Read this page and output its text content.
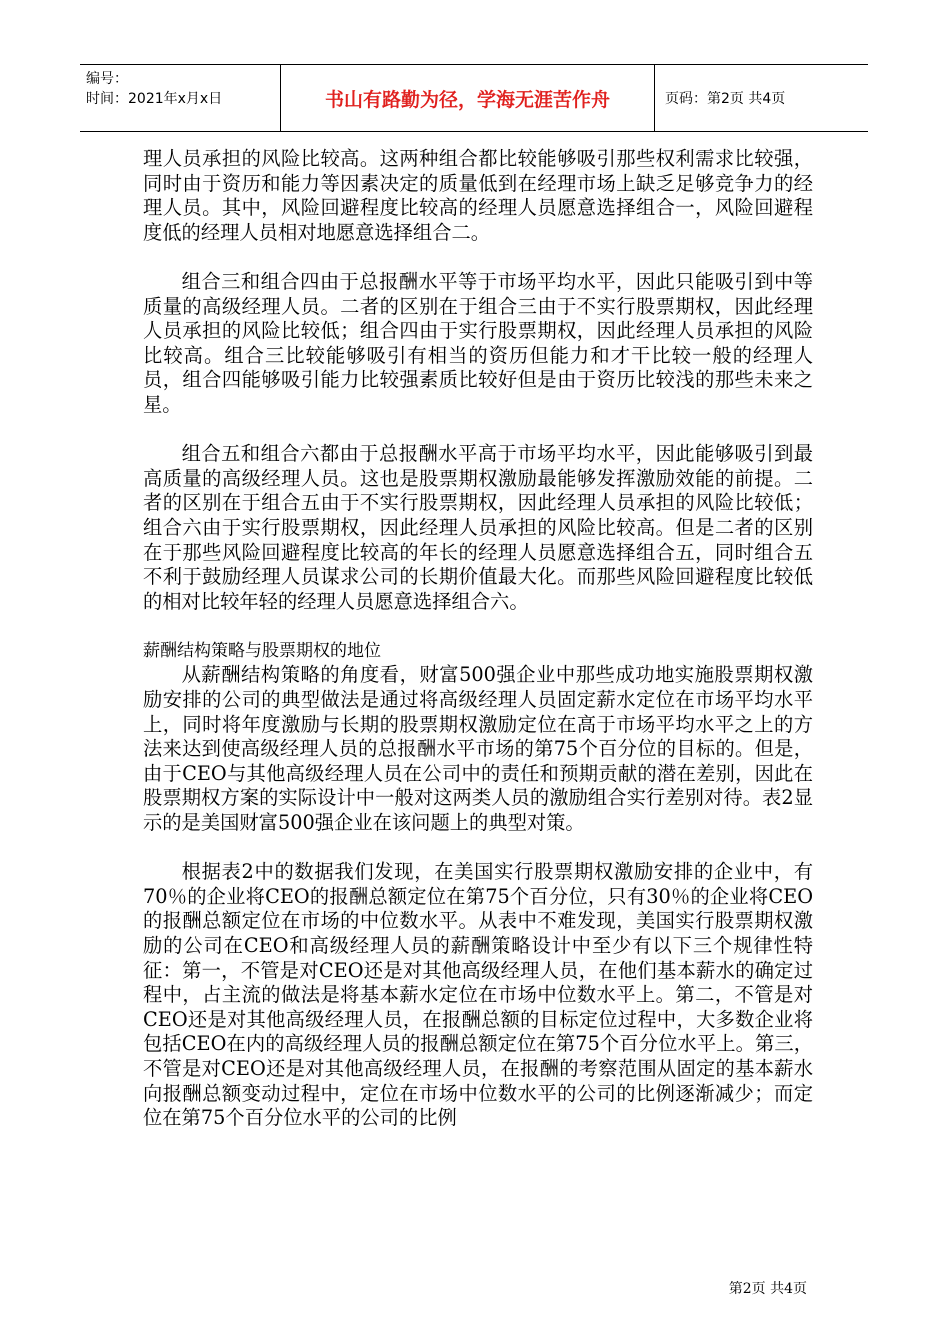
编号：
时间：2021年x月x日	书山有路勤为径，学海无涯苦作舟	页码：第2页 共4页

理人员承担的风险比较高。这两种组合都比较能够吸引那些权利需求比较强，同时由于资历和能力等因素决定的质量低到在经理市场上缺乏足够竞争力的经理人员。其中，风险回避程度比较高的经理人员愿意选择组合一，风险回避程度低的经理人员相对地愿意选择组合二。

组合三和组合四由于总报酬水平等于市场平均水平，因此只能吸引到中等质量的高级经理人员。二者的区别在于组合三由于不实行股票期权，因此经理人员承担的风险比较低；组合四由于实行股票期权，因此经理人员承担的风险比较高。组合三比较能够吸引有相当的资历但能力和才干比较一般的经理人员，组合四能够吸引能力比较强素质比较好但是由于资历比较浅的那些未来之星。

组合五和组合六都由于总报酬水平高于市场平均水平，因此能够吸引到最高质量的高级经理人员。这也是股票期权激励最能够发挥激励效能的前提。二者的区别在于组合五由于不实行股票期权，因此经理人员承担的风险比较低；组合六由于实行股票期权，因此经理人员承担的风险比较高。但是二者的区别在于那些风险回避程度比较高的年长的经理人员愿意选择组合五，同时组合五不利于鼓励经理人员谋求公司的长期价值最大化。而那些风险回避程度比较低的相对比较年轻的经理人员愿意选择组合六。

薪酬结构策略与股票期权的地位

从薪酬结构策略的角度看，财富500强企业中那些成功地实施股票期权激励安排的公司的典型做法是通过将高级经理人员固定薪水定位在市场平均水平上，同时将年度激励与长期的股票期权激励定位在高于市场平均水平之上的方法来达到使高级经理人员的总报酬水平市场的第75个百分位的目标的。但是，由于CEO与其他高级经理人员在公司中的责任和预期贡献的潜在差别，因此在股票期权方案的实际设计中一般对这两类人员的激励组合实行差别对待。表2显示的是美国财富500强企业在该问题上的典型对策。

根据表2中的数据我们发现，在美国实行股票期权激励安排的企业中，有70％的企业将CEO的报酬总额定位在第75个百分位，只有30％的企业将CEO的报酬总额定位在市场的中位数水平。从表中不难发现，美国实行股票期权激励的公司在CEO和高级经理人员的薪酬策略设计中至少有以下三个规律性特征：第一，不管是对CEO还是对其他高级经理人员，在他们基本薪水的确定过程中，占主流的做法是将基本薪水定位在市场中位数水平上。第二，不管是对CEO还是对其他高级经理人员，在报酬总额的目标定位过程中，大多数企业将包括CEO在内的高级经理人员的报酬总额定位在第75个百分位水平上。第三，不管是对CEO还是对其他高级经理人员，在报酬的考察范围从固定的基本薪水向报酬总额变动过程中，定位在市场中位数水平的公司的比例逐渐减少；而定位在第75个百分位水平的公司的比例

第2页 共4页
